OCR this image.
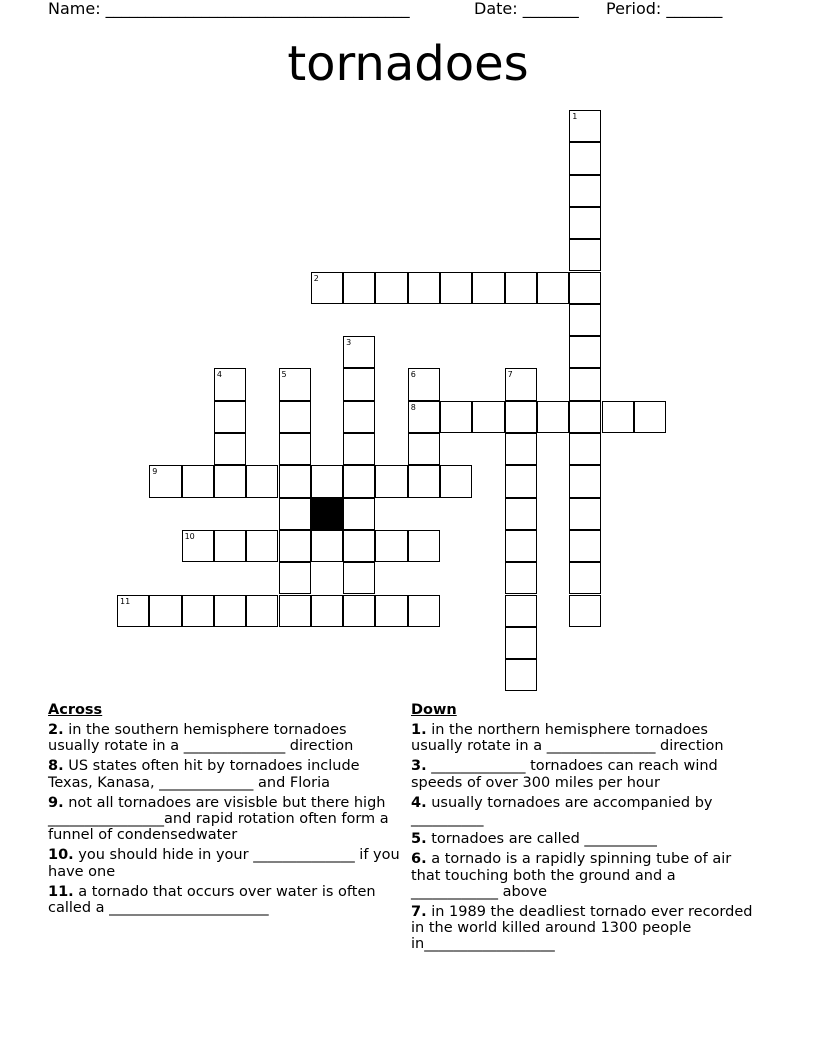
Name: ______________________________________	Date: _______ Period: _______
tornadoes
1
2
3
4	5	6
8
7
9
10
11
Across
2. in the southern hemisphere tornadoes usually rotate in a ______________ direction
8. US states often hit by tornadoes include Texas, Kanasa, _____________ and Floria
9. not all tornadoes are visisble but there high ________________and rapid rotation often form a funnel of condensedwater
10. you should hide in your ______________ if you have one
11. a tornado that occurs over water is often called a ______________________
Down
1. in the northern hemisphere tornadoes usually rotate in a _______________ direction
3. _____________ tornadoes can reach wind speeds of over 300 miles per hour
4. usually tornadoes are accompanied by __________
5. tornadoes are called __________
6. a tornado is a rapidly spinning tube of air that touching both the ground and a ____________ above
7. in 1989 the deadliest tornado ever recorded in the world killed around 1300 people in__________________
